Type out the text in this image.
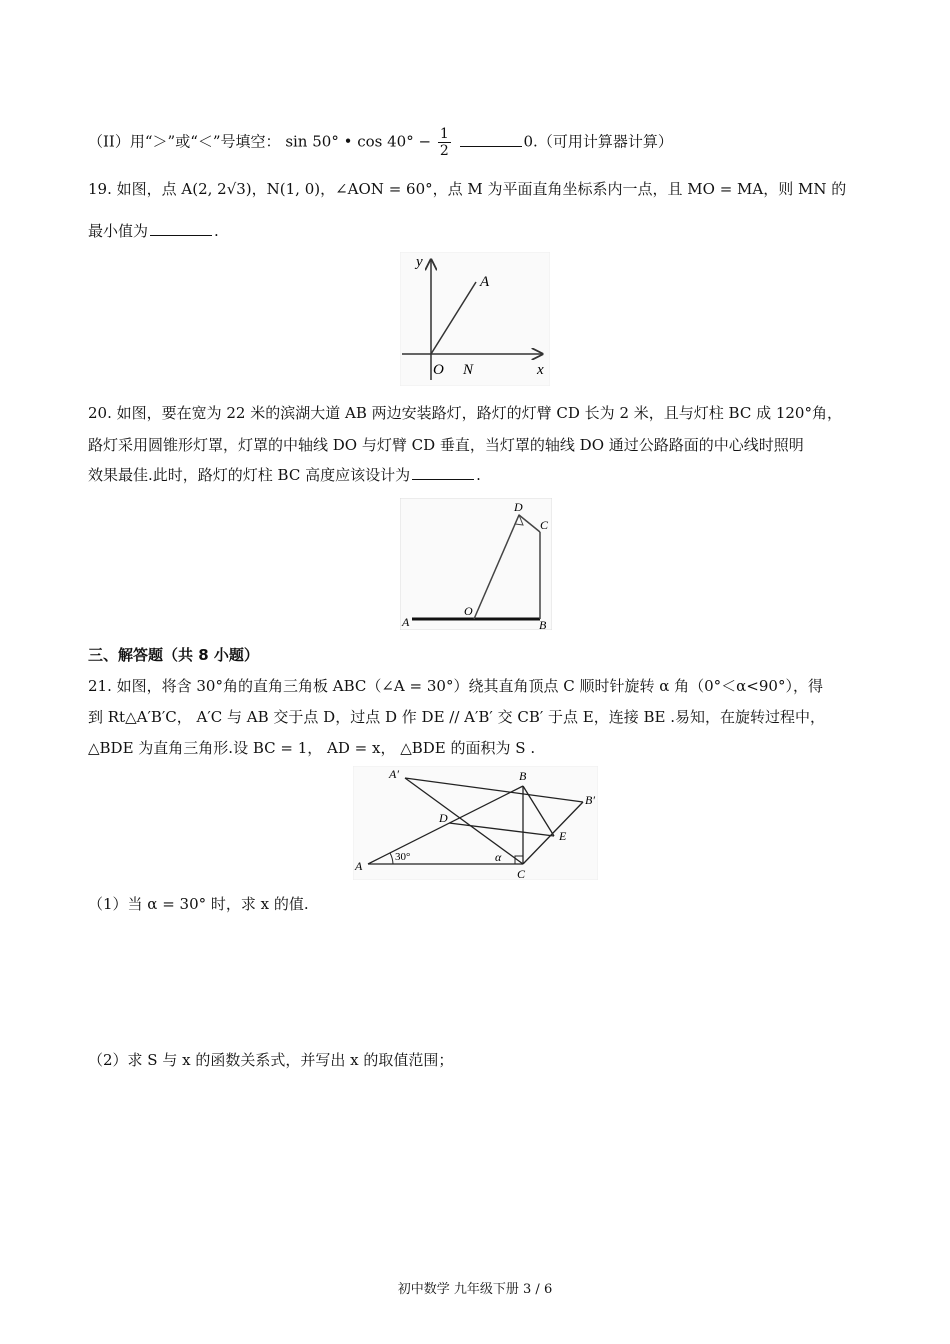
（II）用“＞”或“＜”号填空： sin 50° • $\cos 40^\circ - \frac{1}{2}$	0.（可用计算器计算）
19. 如图，点 A(2, 2√3)，N(1, 0)，∠AON = 60°，点 M 为平面直角坐标系内一点，且 MO = MA，则 MN 的
最小值为	.
y
x
A
O N
20. 如图，要在宽为 22 米的滨湖大道 AB 两边安装路灯，路灯的灯臂 CD 长为 2 米，且与灯柱 BC 成 120°角，
路灯采用圆锥形灯罩，灯罩的中轴线 DO 与灯臂 CD 垂直，当灯罩的轴线 DO 通过公路路面的中心线时照明
效果最佳.此时，路灯的灯柱 BC 高度应该设计为	.
D
C
O
A	B
三、解答题（共 8 小题）
21. 如图，将含 30°角的直角三角板 ABC（∠A = 30°）绕其直角顶点 C 顺时针旋转 α 角（0°＜α<90°），得
到 Rt△A′B′C， A′C 与 AB 交于点 D，过点 D 作 DE // A′B′ 交 CB′ 于点 E，连接 BE .易知，在旋转过程中，
△BDE 为直角三角形.设 BC = 1， AD = x， △BDE 的面积为 S .
A′	B
B′
D
E
A
C
30°	α
（1）当 α = 30° 时，求 x 的值.
（2）求 S 与 x 的函数关系式，并写出 x 的取值范围；
初中数学 九年级下册 3 / 6
